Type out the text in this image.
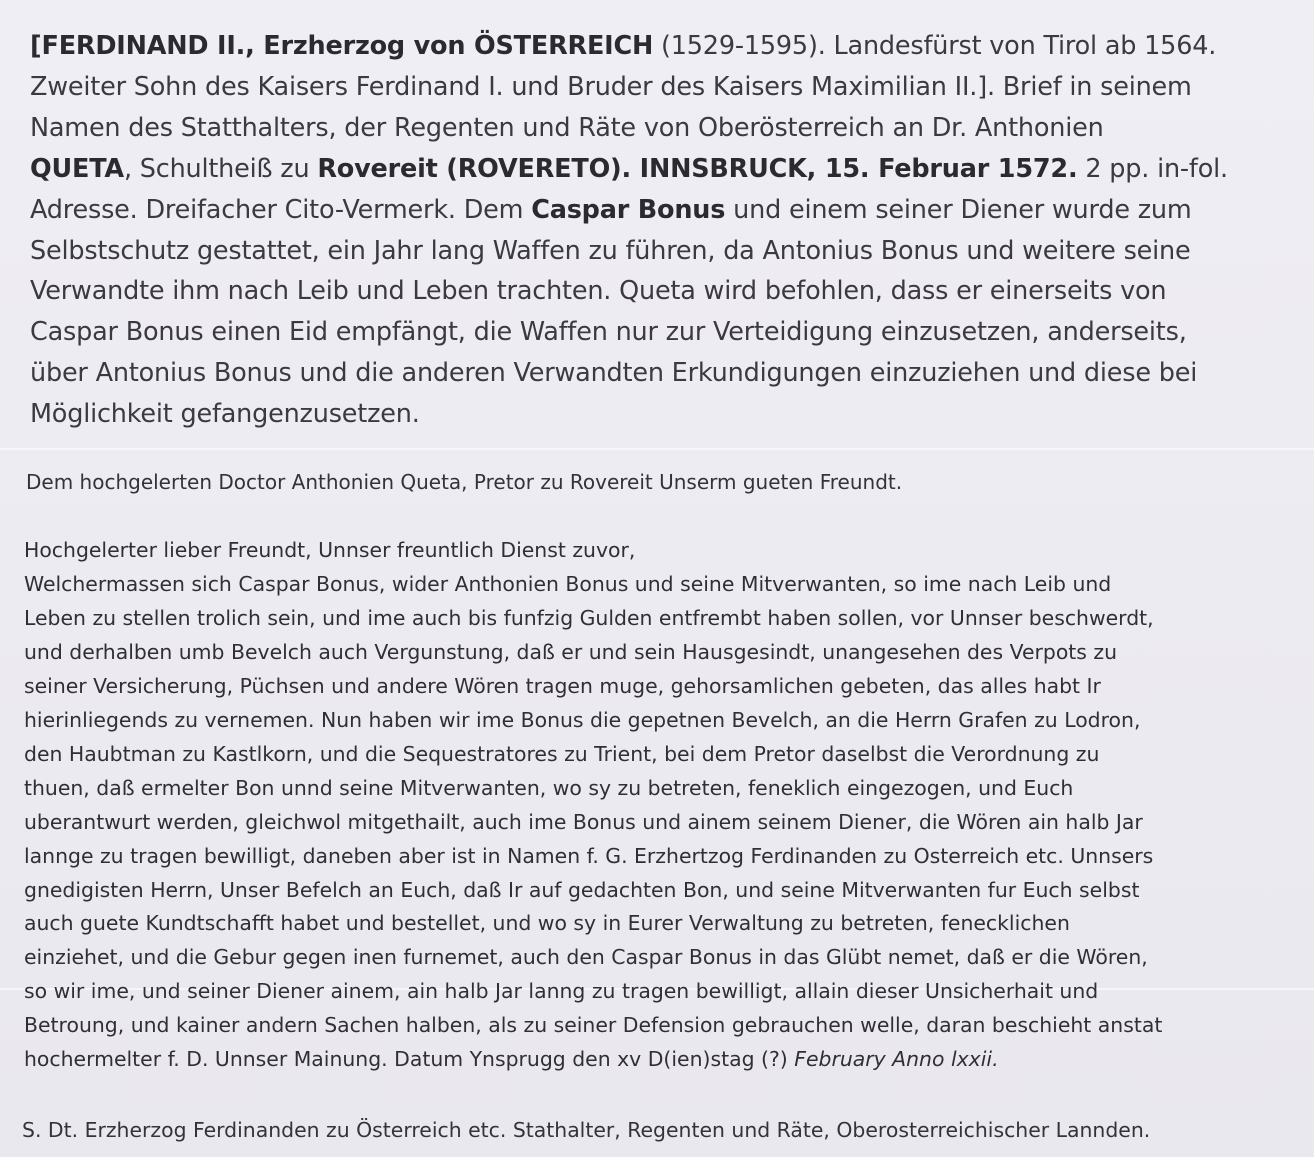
[FERDINAND II., Erzherzog von ÖSTERREICH (1529-1595). Landesfürst von Tirol ab 1564.
Zweiter Sohn des Kaisers Ferdinand I. und Bruder des Kaisers Maximilian II.]. Brief in seinem
Namen des Statthalters, der Regenten und Räte von Oberösterreich an Dr. Anthonien
QUETA, Schultheiß zu Rovereit (ROVERETO). INNSBRUCK, 15. Februar 1572. 2 pp. in-fol.
Adresse. Dreifacher Cito-Vermerk. Dem Caspar Bonus und einem seiner Diener wurde zum
Selbstschutz gestattet, ein Jahr lang Waffen zu führen, da Antonius Bonus und weitere seine
Verwandte ihm nach Leib und Leben trachten. Queta wird befohlen, dass er einerseits von
Caspar Bonus einen Eid empfängt, die Waffen nur zur Verteidigung einzusetzen, anderseits,
über Antonius Bonus und die anderen Verwandten Erkundigungen einzuziehen und diese bei
Möglichkeit gefangenzusetzen.
Dem hochgelerten Doctor Anthonien Queta, Pretor zu Rovereit Unserm gueten Freundt.
Hochgelerter lieber Freundt, Unnser freuntlich Dienst zuvor,
Welchermassen sich Caspar Bonus, wider Anthonien Bonus und seine Mitverwanten, so ime nach Leib und
Leben zu stellen trolich sein, und ime auch bis funfzig Gulden entfrembt haben sollen, vor Unnser beschwerdt,
und derhalben umb Bevelch auch Vergunstung, daß er und sein Hausgesindt, unangesehen des Verpots zu
seiner Versicherung, Püchsen und andere Wören tragen muge, gehorsamlichen gebeten, das alles habt Ir
hierinliegends zu vernemen. Nun haben wir ime Bonus die gepetnen Bevelch, an die Herrn Grafen zu Lodron,
den Haubtman zu Kastlkorn, und die Sequestratores zu Trient, bei dem Pretor daselbst die Verordnung zu
thuen, daß ermelter Bon unnd seine Mitverwanten, wo sy zu betreten, feneklich eingezogen, und Euch
uberantwurt werden, gleichwol mitgethailt, auch ime Bonus und ainem seinem Diener, die Wören ain halb Jar
lannge zu tragen bewilligt, daneben aber ist in Namen f. G. Erzhertzog Ferdinanden zu Osterreich etc. Unnsers
gnedigisten Herrn, Unser Befelch an Euch, daß Ir auf gedachten Bon, und seine Mitverwanten fur Euch selbst
auch guete Kundtschafft habet und bestellet, und wo sy in Eurer Verwaltung zu betreten, fenecklichen
einziehet, und die Gebur gegen inen furnemet, auch den Caspar Bonus in das Glübt nemet, daß er die Wören,
so wir ime, und seiner Diener ainem, ain halb Jar lanng zu tragen bewilligt, allain dieser Unsicherhait und
Betroung, und kainer andern Sachen halben, als zu seiner Defension gebrauchen welle, daran beschieht anstat
hochermelter f. D. Unnser Mainung. Datum Ynsprugg den xv D(ien)stag (?) February Anno lxxii.
S. Dt. Erzherzog Ferdinanden zu Österreich etc. Stathalter, Regenten und Räte, Oberosterreichischer Lannden.
